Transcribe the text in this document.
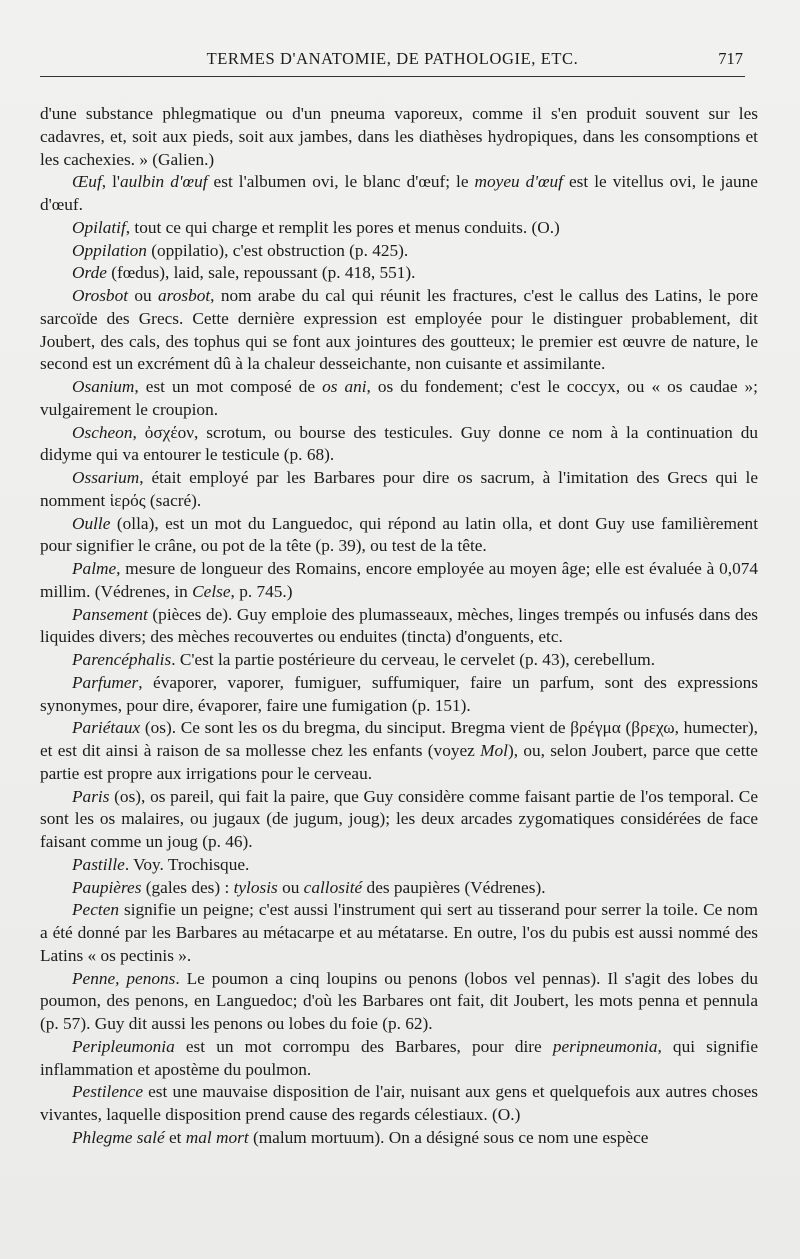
TERMES D'ANATOMIE, DE PATHOLOGIE, ETC.	717

d'une substance phlegmatique ou d'un pneuma vaporeux, comme il s'en produit souvent sur les cadavres, et, soit aux pieds, soit aux jambes, dans les diathèses hydropiques, dans les consomptions et les cachexies. » (Galien.)

Œuf, l'aulbin d'œuf est l'albumen ovi, le blanc d'œuf; le moyeu d'œuf est le vitellus ovi, le jaune d'œuf.

Opilatif, tout ce qui charge et remplit les pores et menus conduits. (O.)

Oppilation (oppilatio), c'est obstruction (p. 425).

Orde (fœdus), laid, sale, repoussant (p. 418, 551).

Orosbot ou arosbot, nom arabe du cal qui réunit les fractures, c'est le callus des Latins, le pore sarcoïde des Grecs. Cette dernière expression est employée pour le distinguer probablement, dit Joubert, des cals, des tophus qui se font aux jointures des goutteux; le premier est œuvre de nature, le second est un excrément dû à la chaleur desseichante, non cuisante et assimilante.

Osanium, est un mot composé de os ani, os du fondement; c'est le coccyx, ou « os caudae »; vulgairement le croupion.

Oscheon, ὀσχέον, scrotum, ou bourse des testicules. Guy donne ce nom à la continuation du didyme qui va entourer le testicule (p. 68).

Ossarium, était employé par les Barbares pour dire os sacrum, à l'imitation des Grecs qui le nomment ἱερός (sacré).

Oulle (olla), est un mot du Languedoc, qui répond au latin olla, et dont Guy use familièrement pour signifier le crâne, ou pot de la tête (p. 39), ou test de la tête.

Palme, mesure de longueur des Romains, encore employée au moyen âge; elle est évaluée à 0,074 millim. (Védrenes, in Celse, p. 745.)

Pansement (pièces de). Guy emploie des plumasseaux, mèches, linges trempés ou infusés dans des liquides divers; des mèches recouvertes ou enduites (tincta) d'onguents, etc.

Parencéphalis. C'est la partie postérieure du cerveau, le cervelet (p. 43), cerebellum.

Parfumer, évaporer, vaporer, fumiguer, suffumiquer, faire un parfum, sont des expressions synonymes, pour dire, évaporer, faire une fumigation (p. 151).

Pariétaux (os). Ce sont les os du bregma, du sinciput. Bregma vient de βρέγμα (βρεχω, humecter), et est dit ainsi à raison de sa mollesse chez les enfants (voyez Mol), ou, selon Joubert, parce que cette partie est propre aux irrigations pour le cerveau.

Paris (os), os pareil, qui fait la paire, que Guy considère comme faisant partie de l'os temporal. Ce sont les os malaires, ou jugaux (de jugum, joug); les deux arcades zygomatiques considérées de face faisant comme un joug (p. 46).

Pastille. Voy. Trochisque.

Paupières (gales des) : tylosis ou callosité des paupières (Védrenes).

Pecten signifie un peigne; c'est aussi l'instrument qui sert au tisserand pour serrer la toile. Ce nom a été donné par les Barbares au métacarpe et au métatarse. En outre, l'os du pubis est aussi nommé des Latins « os pectinis ».

Penne, penons. Le poumon a cinq loupins ou penons (lobos vel pennas). Il s'agit des lobes du poumon, des penons, en Languedoc; d'où les Barbares ont fait, dit Joubert, les mots penna et pennula (p. 57). Guy dit aussi les penons ou lobes du foie (p. 62).

Peripleumonia est un mot corrompu des Barbares, pour dire peripneumonia, qui signifie inflammation et apostème du poulmon.

Pestilence est une mauvaise disposition de l'air, nuisant aux gens et quelquefois aux autres choses vivantes, laquelle disposition prend cause des regards célestiaux. (O.)

Phlegme salé et mal mort (malum mortuum). On a désigné sous ce nom une espèce
